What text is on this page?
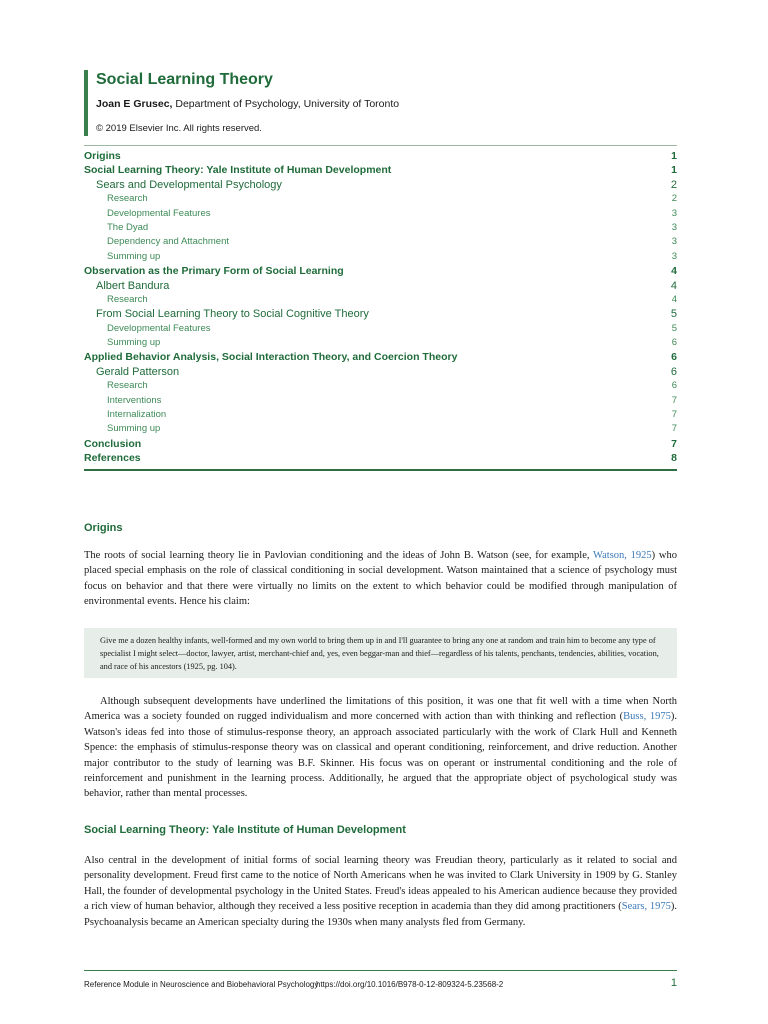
Social Learning Theory
Joan E Grusec, Department of Psychology, University of Toronto
© 2019 Elsevier Inc. All rights reserved.
Origins	1
Social Learning Theory: Yale Institute of Human Development	1
Sears and Developmental Psychology	2
Research	2
Developmental Features	3
The Dyad	3
Dependency and Attachment	3
Summing up	3
Observation as the Primary Form of Social Learning	4
Albert Bandura	4
Research	4
From Social Learning Theory to Social Cognitive Theory	5
Developmental Features	5
Summing up	6
Applied Behavior Analysis, Social Interaction Theory, and Coercion Theory	6
Gerald Patterson	6
Research	6
Interventions	7
Internalization	7
Summing up	7
Conclusion	7
References	8
Origins

The roots of social learning theory lie in Pavlovian conditioning and the ideas of John B. Watson (see, for example, Watson, 1925) who placed special emphasis on the role of classical conditioning in social development. Watson maintained that a science of psychology must focus on behavior and that there were virtually no limits on the extent to which behavior could be modified through manipulation of environmental events. Hence his claim:

Give me a dozen healthy infants, well-formed and my own world to bring them up in and I'll guarantee to bring any one at random and train him to become any type of specialist I might select—doctor, lawyer, artist, merchant-chief and, yes, even beggar-man and thief—regardless of his talents, penchants, tendencies, abilities, vocation, and race of his ancestors (1925, pg. 104).

Although subsequent developments have underlined the limitations of this position, it was one that fit well with a time when North America was a society founded on rugged individualism and more concerned with action than with thinking and reflection (Buss, 1975). Watson's ideas fed into those of stimulus-response theory, an approach associated particularly with the work of Clark Hull and Kenneth Spence: the emphasis of stimulus-response theory was on classical and operant conditioning, reinforcement, and drive reduction. Another major contributor to the study of learning was B.F. Skinner. His focus was on operant or instrumental conditioning and the role of reinforcement and punishment in the learning process. Additionally, he argued that the appropriate object of psychological study was behavior, rather than mental processes.

Social Learning Theory: Yale Institute of Human Development

Also central in the development of initial forms of social learning theory was Freudian theory, particularly as it related to social and personality development. Freud first came to the notice of North Americans when he was invited to Clark University in 1909 by G. Stanley Hall, the founder of developmental psychology in the United States. Freud's ideas appealed to his American audience because they provided a rich view of human behavior, although they received a less positive reception in academia than they did among practitioners (Sears, 1975). Psychoanalysis became an American specialty during the 1930s when many analysts fled from Germany.

Reference Module in Neuroscience and Biobehavioral Psychology
https://doi.org/10.1016/B978-0-12-809324-5.23568-2	1
